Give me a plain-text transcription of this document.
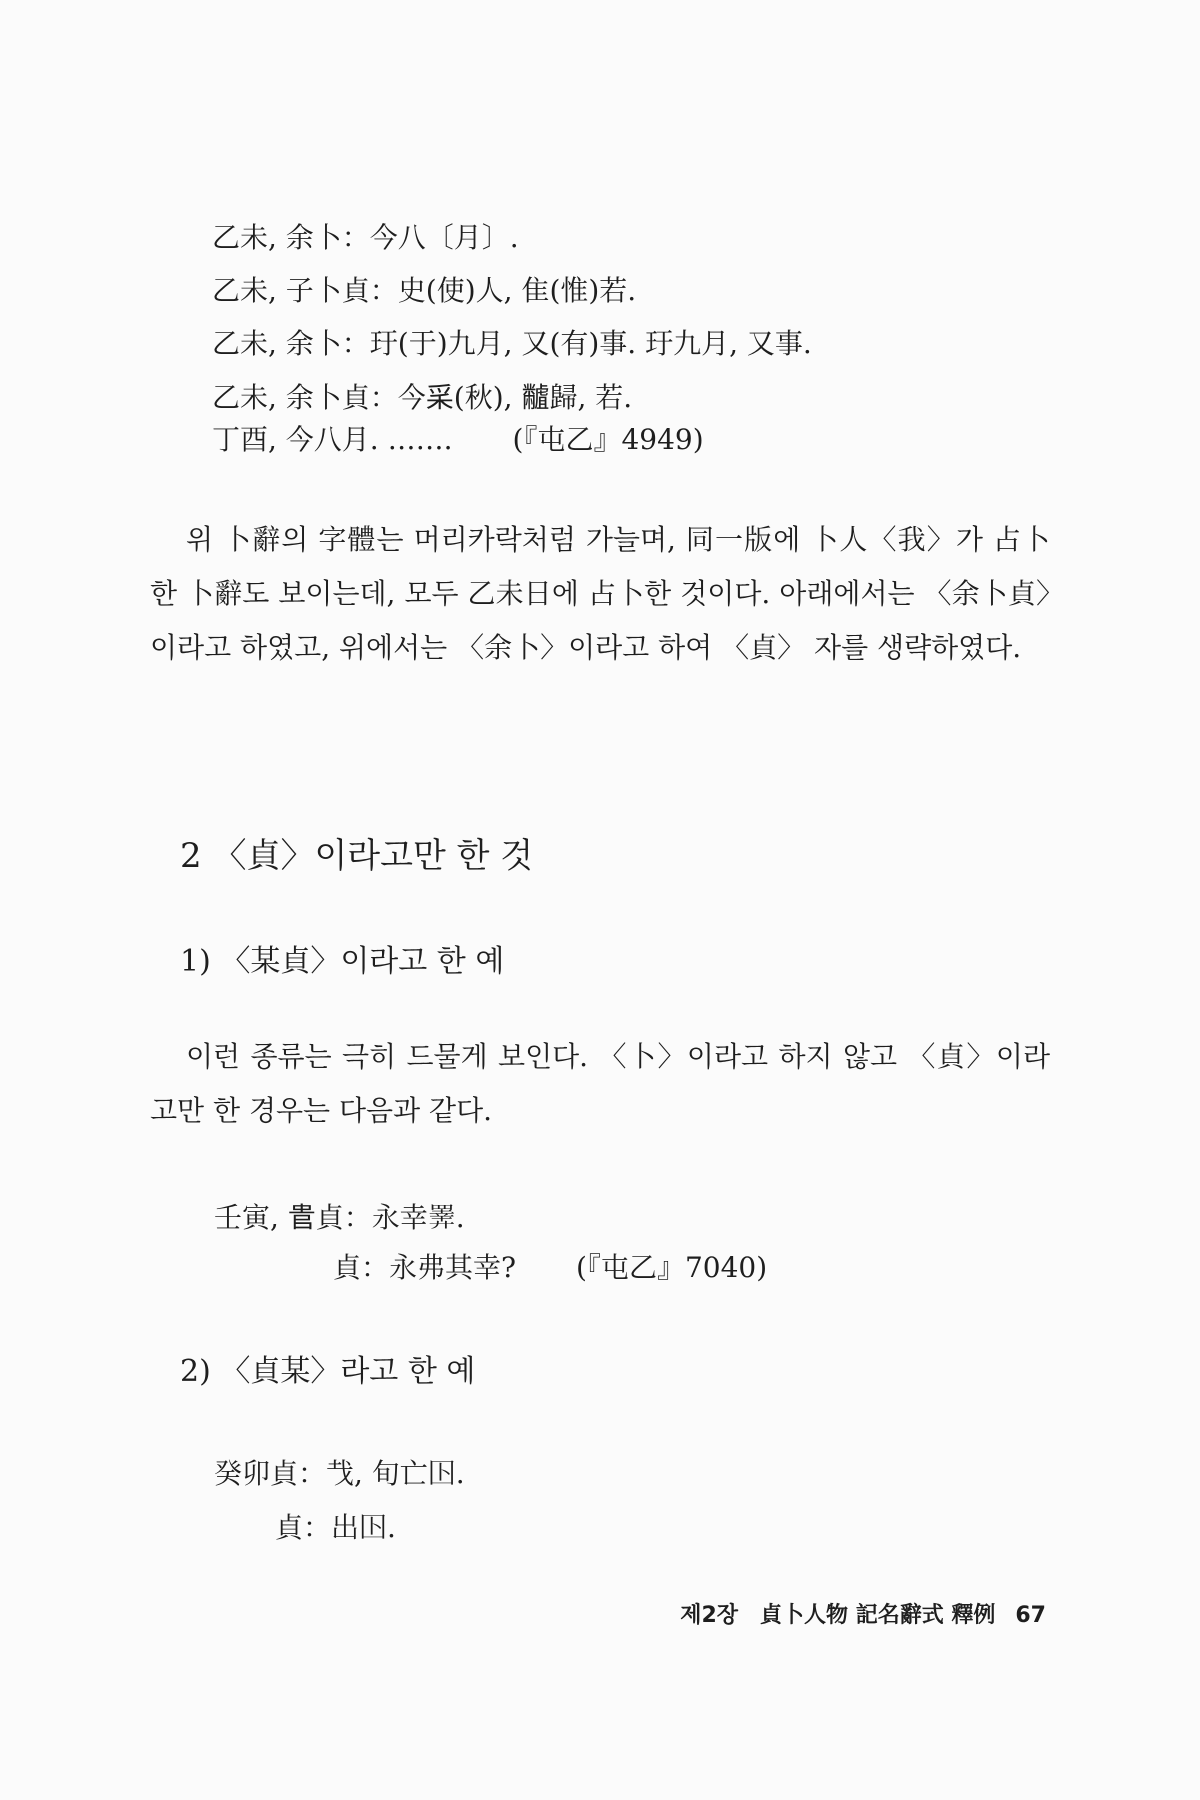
乙未, 余卜：今八〔月〕.
乙未, 子卜貞：史(使)人, 隹(惟)若.
乙未, 余卜：玗(于)九月, 又(有)事. 玗九月, 又事.
乙未, 余卜貞：今𥝩(秋), 𪓐歸, 若.
丁酉, 今八月. ……. (『屯乙』4949)
위 卜辭의 字體는 머리카락처럼 가늘며, 同一版에 卜人〈我〉가 占卜한 卜辭도 보이는데, 모두 乙未日에 占卜한 것이다. 아래에서는 〈余卜貞〉이라고 하였고, 위에서는 〈余卜〉이라고 하여 〈貞〉 자를 생략하였다.
2 〈貞〉이라고만 한 것
1) 〈某貞〉이라고 한 예
이런 종류는 극히 드물게 보인다. 〈卜〉이라고 하지 않고 〈貞〉이라고만 한 경우는 다음과 같다.
壬寅, 𠳋貞：永幸𢍰.
貞：永弗其幸? (『屯乙』7040)
2) 〈貞某〉라고 한 예
癸卯貞：𢦏, 旬亡𡆥.
貞：出𡆥.
제2장　貞卜人物 記名辭式 釋例 67
